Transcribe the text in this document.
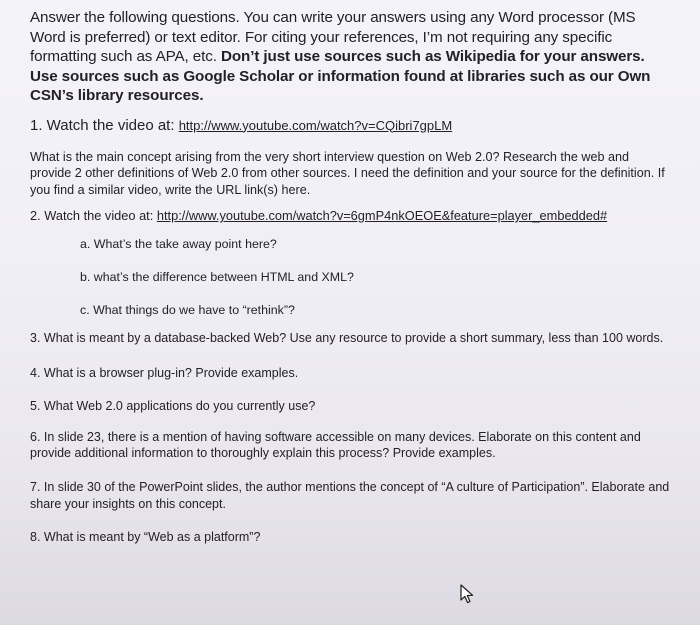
Answer the following questions. You can write your answers using any Word processor (MS Word is preferred) or text editor. For citing your references, I’m not requiring any specific formatting such as APA, etc. Don’t just use sources such as Wikipedia for your answers. Use sources such as Google Scholar or information found at libraries such as our Own CSN’s library resources.

1. Watch the video at: http://www.youtube.com/watch?v=CQibri7gpLM

What is the main concept arising from the very short interview question on Web 2.0? Research the web and provide 2 other definitions of Web 2.0 from other sources. I need the definition and your source for the definition. If you find a similar video, write the URL link(s) here.

2. Watch the video at: http://www.youtube.com/watch?v=6gmP4nkOEOE&feature=player_embedded#
a. What’s the take away point here?
b. what’s the difference between HTML and XML?
c. What things do we have to “rethink”?

3. What is meant by a database-backed Web? Use any resource to provide a short summary, less than 100 words.

4. What is a browser plug-in? Provide examples.

5. What Web 2.0 applications do you currently use?

6. In slide 23, there is a mention of having software accessible on many devices. Elaborate on this content and provide additional information to thoroughly explain this process? Provide examples.

7. In slide 30 of the PowerPoint slides, the author mentions the concept of “A culture of Participation”. Elaborate and share your insights on this concept.

8. What is meant by “Web as a platform”?
